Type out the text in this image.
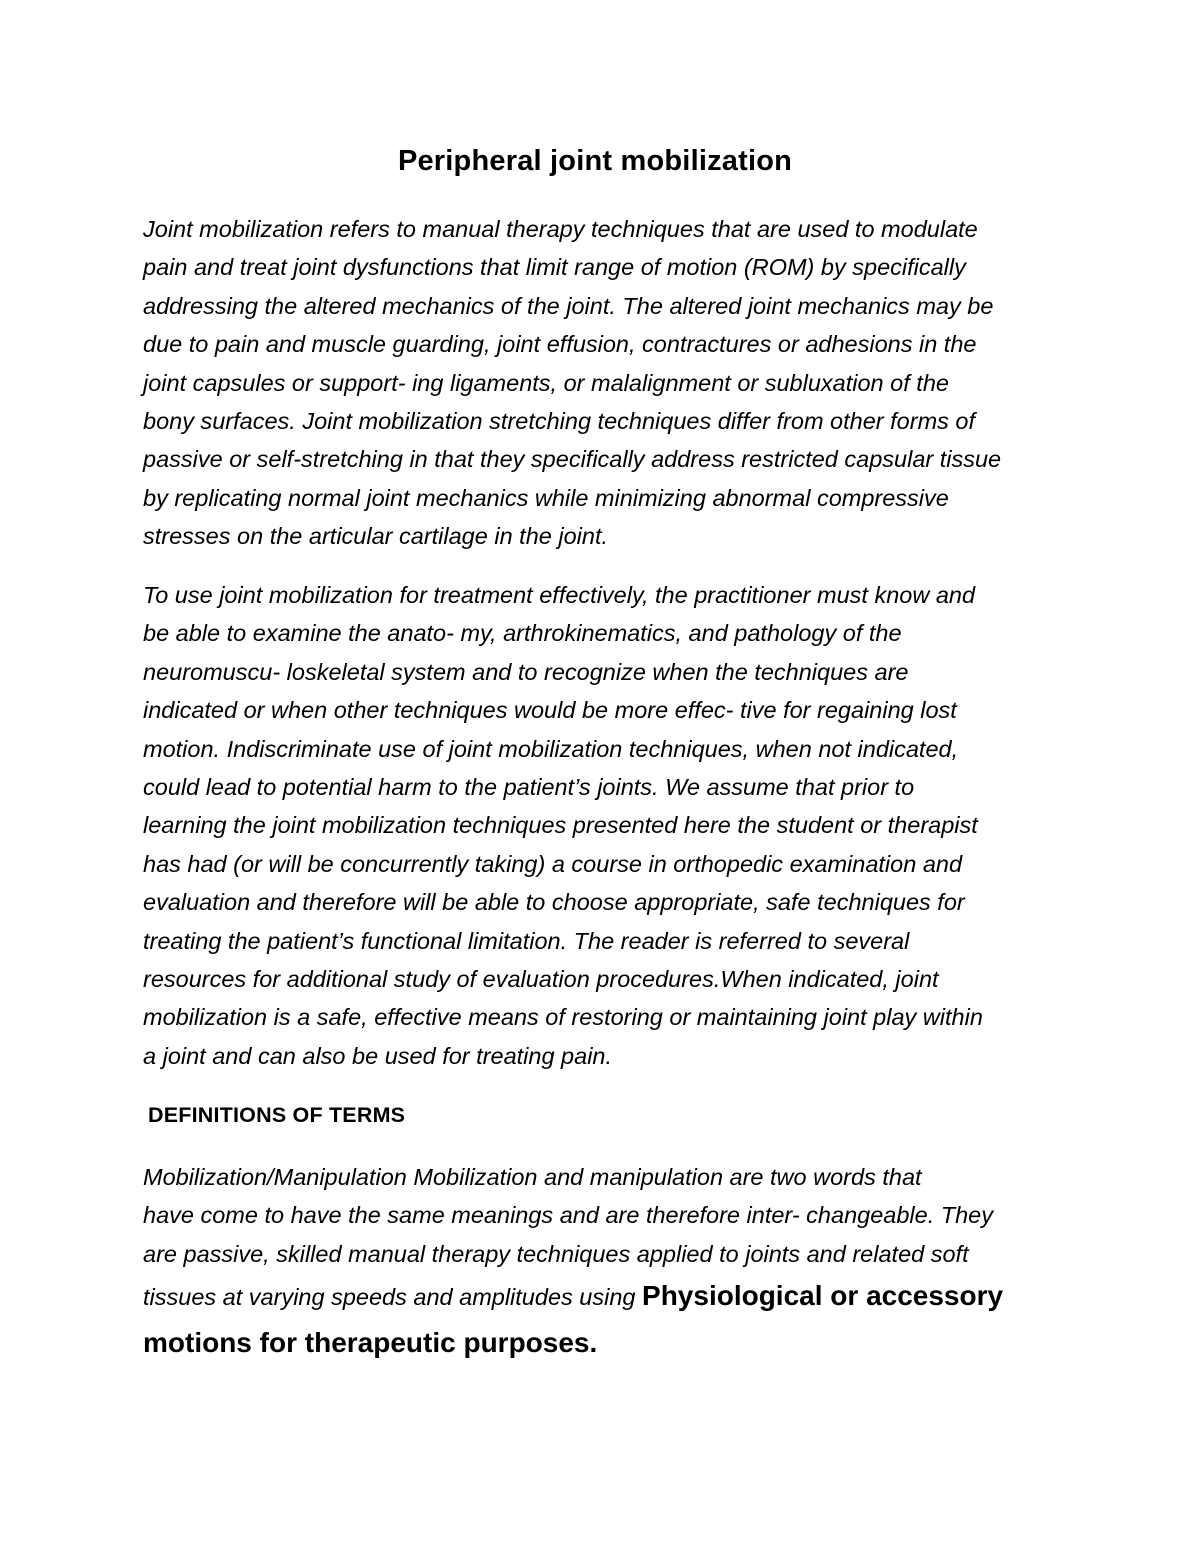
Peripheral joint mobilization

Joint mobilization refers to manual therapy techniques that are used to modulate
pain and treat joint dysfunctions that limit range of motion (ROM) by specifically
addressing the altered mechanics of the joint. The altered joint mechanics may be
due to pain and muscle guarding, joint effusion, contractures or adhesions in the
joint capsules or support- ing ligaments, or malalignment or subluxation of the
bony surfaces. Joint mobilization stretching techniques differ from other forms of
passive or self-stretching in that they specifically address restricted capsular tissue
by replicating normal joint mechanics while minimizing abnormal compressive
stresses on the articular cartilage in the joint.

To use joint mobilization for treatment effectively, the practitioner must know and
be able to examine the anato- my, arthrokinematics, and pathology of the
neuromuscu- loskeletal system and to recognize when the techniques are
indicated or when other techniques would be more effec- tive for regaining lost
motion. Indiscriminate use of joint mobilization techniques, when not indicated,
could lead to potential harm to the patient’s joints. We assume that prior to
learning the joint mobilization techniques presented here the student or therapist
has had (or will be concurrently taking) a course in orthopedic examination and
evaluation and therefore will be able to choose appropriate, safe techniques for
treating the patient’s functional limitation. The reader is referred to several
resources for additional study of evaluation procedures.When indicated, joint
mobilization is a safe, effective means of restoring or maintaining joint play within
a joint and can also be used for treating pain.

DEFINITIONS OF TERMS

Mobilization/Manipulation Mobilization and manipulation are two words that
have come to have the same meanings and are therefore inter- changeable. They
are passive, skilled manual therapy techniques applied to joints and related soft
tissues at varying speeds and amplitudes using Physiological or accessory
motions for therapeutic purposes.
